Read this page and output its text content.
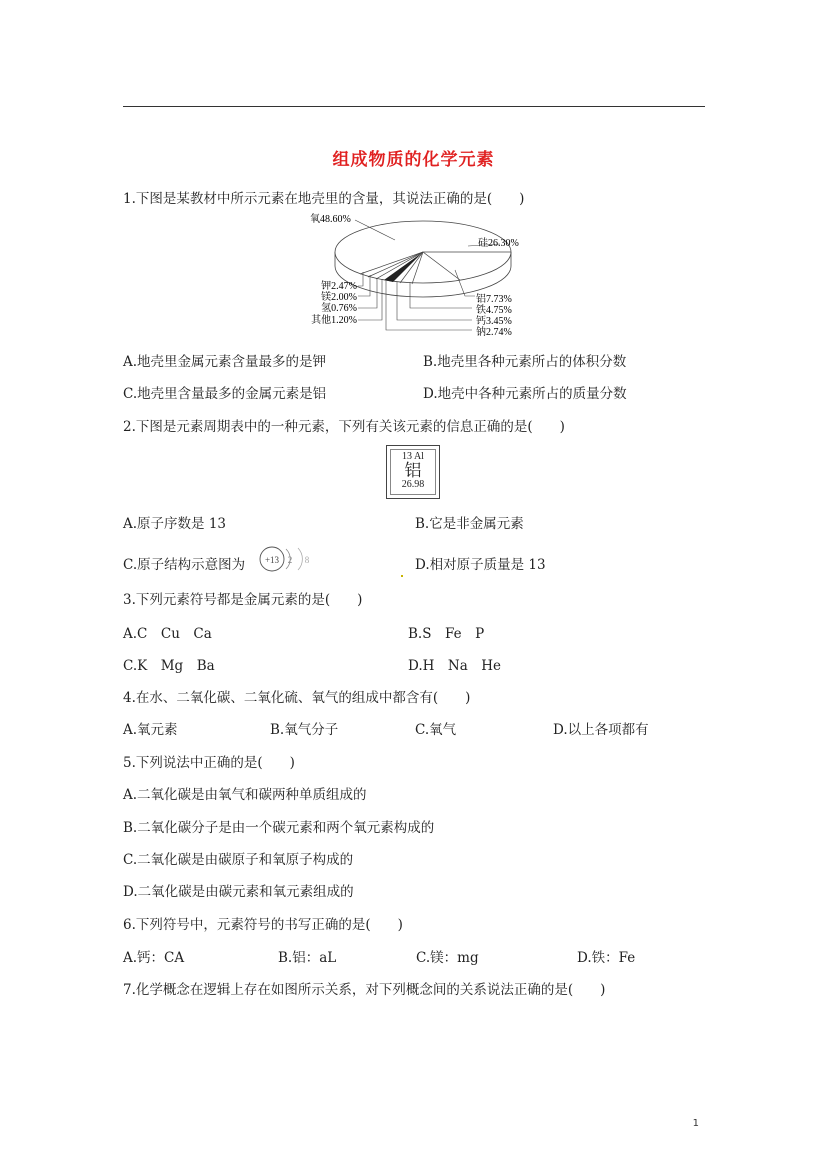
组成物质的化学元素
1.下图是某教材中所示元素在地壳里的含量，其说法正确的是(　　)
氧48.60%
硅26.30%
铝7.73%
铁4.75%
钙3.45%
钠2.74%
钾2.47%
镁2.00%
氢0.76%
其他1.20%
A.地壳里金属元素含量最多的是钾	B.地壳里各种元素所占的体积分数
C.地壳里含量最多的金属元素是铝	D.地壳中各种元素所占的质量分数
2.下图是元素周期表中的一种元素，下列有关该元素的信息正确的是(　　)
13 Al
铝
26.98
A.原子序数是 13	B.它是非金属元素
C.原子结构示意图为 +13 2 8	D.相对原子质量是 13
3.下列元素符号都是金属元素的是(　　)
A.C　Cu　Ca	B.S　Fe　P
C.K　Mg　Ba	D.H　Na　He
4.在水、二氧化碳、二氧化硫、氧气的组成中都含有(　　)
A.氧元素	B.氧气分子	C.氧气	D.以上各项都有
5.下列说法中正确的是(　　)
A.二氧化碳是由氧气和碳两种单质组成的
B.二氧化碳分子是由一个碳元素和两个氧元素构成的
C.二氧化碳是由碳原子和氧原子构成的
D.二氧化碳是由碳元素和氧元素组成的
6.下列符号中，元素符号的书写正确的是(　　)
A.钙：CA	B.铝：aL	C.镁：mg	D.铁：Fe
7.化学概念在逻辑上存在如图所示关系，对下列概念间的关系说法正确的是(　　)
1
